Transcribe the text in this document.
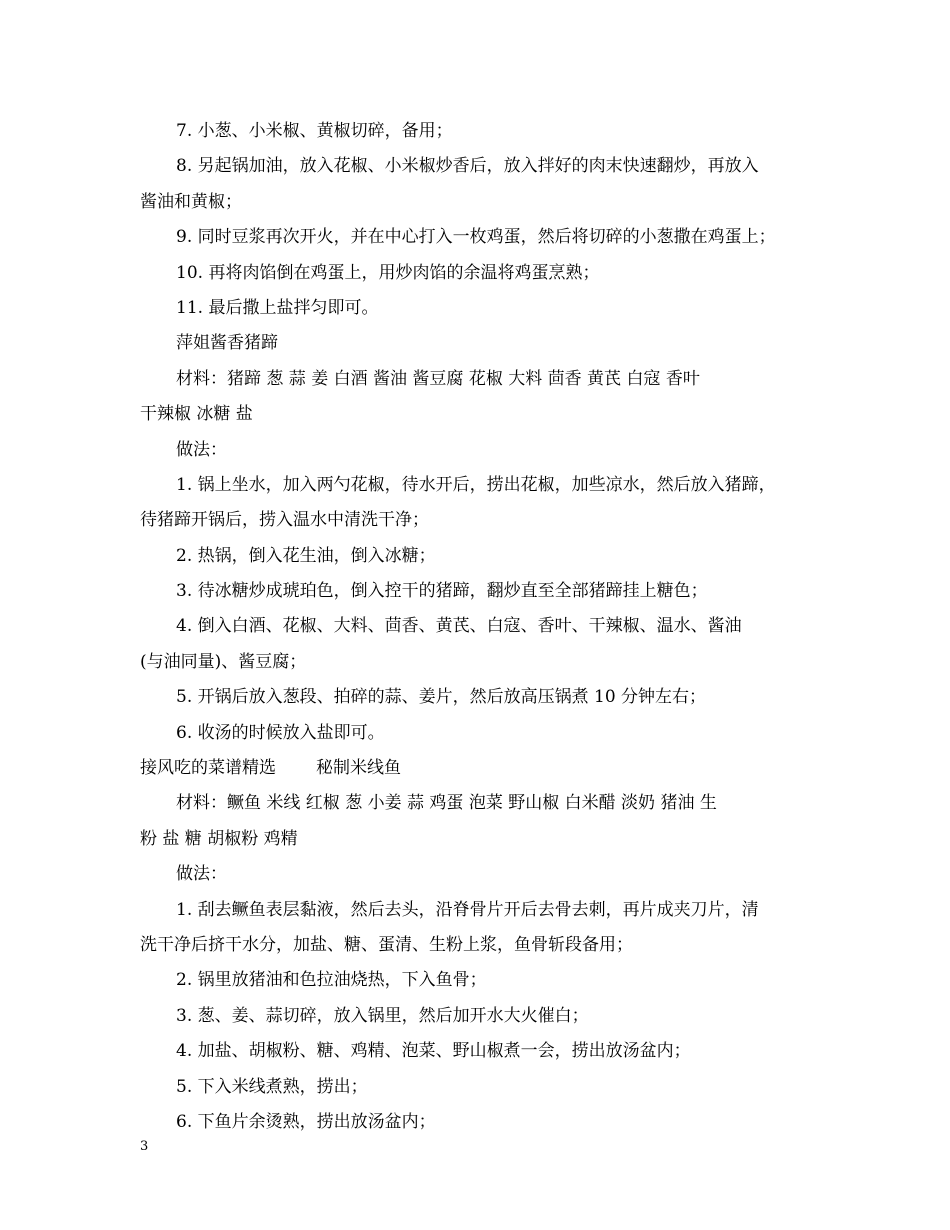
7. 小葱、小米椒、黄椒切碎，备用；
8. 另起锅加油，放入花椒、小米椒炒香后，放入拌好的肉末快速翻炒，再放入
酱油和黄椒；
9. 同时豆浆再次开火，并在中心打入一枚鸡蛋，然后将切碎的小葱撒在鸡蛋上；
10. 再将肉馅倒在鸡蛋上，用炒肉馅的余温将鸡蛋烹熟；
11. 最后撒上盐拌匀即可。
萍姐酱香猪蹄
材料：猪蹄 葱 蒜 姜 白酒 酱油 酱豆腐 花椒 大料 茴香 黄芪 白寇 香叶
干辣椒 冰糖 盐
做法：
1. 锅上坐水，加入两勺花椒，待水开后，捞出花椒，加些凉水，然后放入猪蹄，
待猪蹄开锅后，捞入温水中清洗干净；
2. 热锅，倒入花生油，倒入冰糖；
3. 待冰糖炒成琥珀色，倒入控干的猪蹄，翻炒直至全部猪蹄挂上糖色；
4. 倒入白酒、花椒、大料、茴香、黄芪、白寇、香叶、干辣椒、温水、酱油
(与油同量)、酱豆腐；
5. 开锅后放入葱段、拍碎的蒜、姜片，然后放高压锅煮 10 分钟左右；
6. 收汤的时候放入盐即可。
接风吃的菜谱精选 秘制米线鱼
材料：鳜鱼 米线 红椒 葱 小姜 蒜 鸡蛋 泡菜 野山椒 白米醋 淡奶 猪油 生
粉 盐 糖 胡椒粉 鸡精
做法：
1. 刮去鳜鱼表层黏液，然后去头，沿脊骨片开后去骨去刺，再片成夹刀片，清
洗干净后挤干水分，加盐、糖、蛋清、生粉上浆，鱼骨斩段备用；
2. 锅里放猪油和色拉油烧热，下入鱼骨；
3. 葱、姜、蒜切碎，放入锅里，然后加开水大火催白；
4. 加盐、胡椒粉、糖、鸡精、泡菜、野山椒煮一会，捞出放汤盆内；
5. 下入米线煮熟，捞出；
6. 下鱼片余烫熟，捞出放汤盆内；
3
